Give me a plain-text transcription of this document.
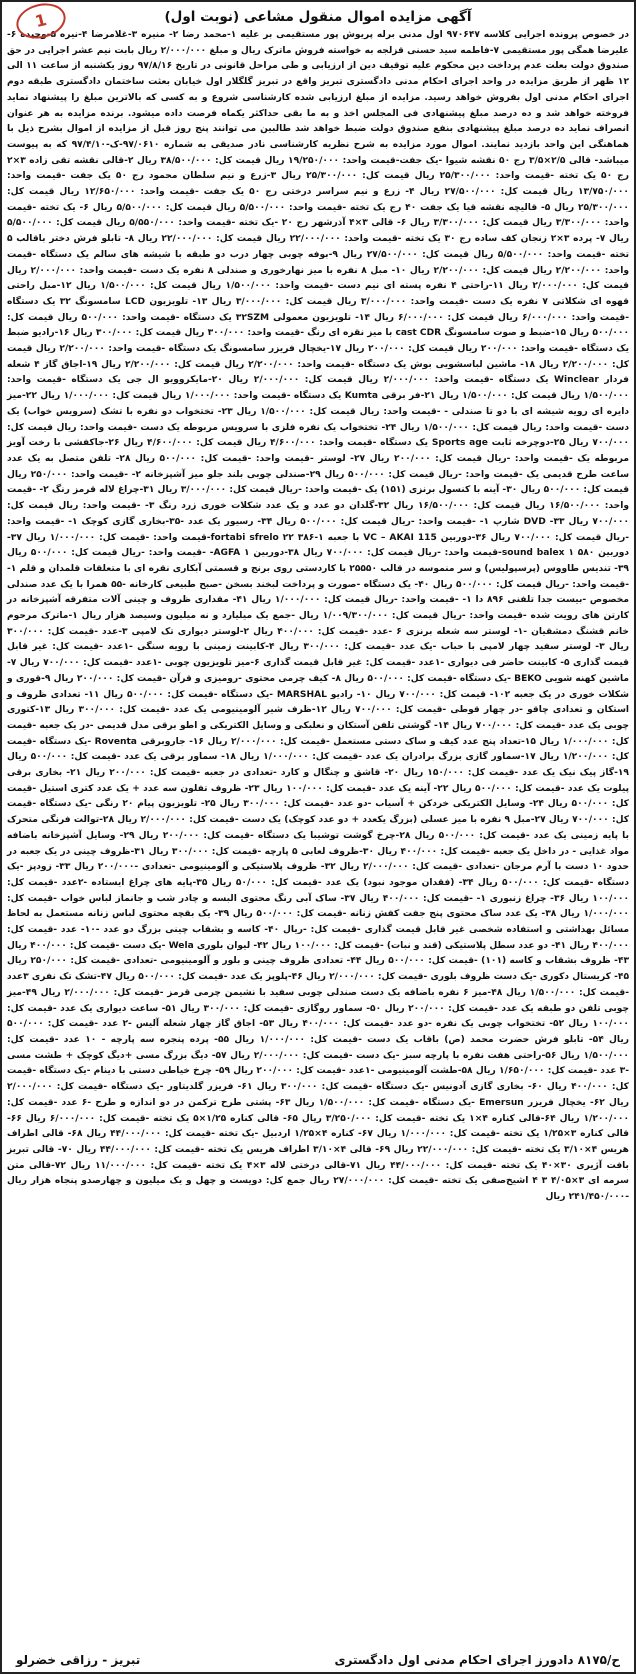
1	آگهی مزایده اموال منقول مشاعی (نوبت اول)

در خصوص پرونده اجرایی کلاسه ۹۷۰۶۴۷ اول مدنی برله پریوش پور مستقیمی بر علیه ۱-محمد رضا ۲- منیره ۳-غلامرضا ۴-نیره ۵-وحیده ۶-علیرضا همگی پور مستقیمی ۷-فاطمه سید حسنی قزلجه به خواسته فروش ماترک ریال و مبلغ ۲/۰۰۰/۰۰۰ ریال بابت نیم عشر اجرایی در حق صندوق دولت بعلت عدم پرداخت دین محکوم علیه توقیف دین از ارزیابی و طی مراحل قانونی در تاریخ ۹۷/۸/۱۶ روز یکشنبه از ساعت ۱۱ الی ۱۲ ظهر از طریق مزایده در واحد اجرای احکام مدنی دادگستری تبریز واقع در تبریز گلگلار اول خیابان بعثت ساختمان دادگستری طبقه دوم اجرای احکام مدنی اول بفروش خواهد رسید. مزایده از مبلغ ارزیابی شده کارشناسی شروع و به کسی که بالاترین مبلغ را پیشنهاد نماید فروخته خواهد شد و ده درصد مبلغ پیشنهادی فی المجلس اخذ و به ما بقی حداکثر یکماه فرصت داده میشود. برنده مزایده به هر عنوان انصراف نماید ده درصد مبلغ پیشنهادی بنفع صندوق دولت ضبط خواهد شد طالبین می توانند پنج روز قبل از مزایده از اموال بشرح ذیل با هماهنگی این واحد بازدید نمایند. اموال مورد مزایده به شرح نظریه کارشناسی نادر صدیقی به شماره ۹۷/۰۶۱۰-ک-۹۷/۴/۱۰ که به پیوست میباشد- قالی ۲/۵×۳/۵ رج ۵۰ نقشه شیوا -یک جفت-قیمت واحد: ۱۹/۲۵۰/۰۰۰ ریال قیمت کل: ۳۸/۵۰۰/۰۰۰ ریال ۲-قالی نقشه تقی زاده ۳×۲ رج ۵۰ یک تخته -قیمت واحد: ۲۵/۳۰۰/۰۰۰ ریال قیمت کل: ۲۵/۳۰۰/۰۰۰ ریال ۳-زرع و نیم سلطان محمود رج ۵۰ یک جفت -قیمت واحد: ۱۳/۷۵۰/۰۰۰ ریال قیمت کل: ۲۷/۵۰۰/۰۰۰ ریال ۴- زرع و نیم سراسر درختی رج ۵۰ یک جفت -قیمت واحد: ۱۲/۶۵۰/۰۰۰ ریال قیمت کل: ۲۵/۳۰۰/۰۰۰ ریال ۵- قالیچه نقشه قیا یک جفت ۴۰ رج یک تخته -قیمت واحد: ۵/۵۰۰/۰۰۰ ریال قیمت کل: ۵/۵۰۰/۰۰۰ ریال ۶- یک تخته -قیمت واحد: ۳/۳۰۰/۰۰۰ ریال قیمت کل: ۳/۳۰۰/۰۰۰ ریال ۶- قالی ۳×۴ آذرشهر رج ۲۰ -یک تخته -قیمت واحد: ۵/۵۵۰/۰۰۰ ریال قیمت کل: ۵/۵۰۰/۰۰۰ ریال ۷- پرده ۳×۲ زنجان کف ساده رج ۳۰ یک تخته -قیمت واحد: ۲۲/۰۰۰/۰۰۰ ریال قیمت کل: ۲۲/۰۰۰/۰۰۰ ریال ۸- تابلو فرش دختر باقالب ۵ تخته -قیمت واحد: ۵/۵۰۰/۰۰۰ ریال قیمت کل: ۲۷/۵۰۰/۰۰۰ ریال ۹-بوفه چوبی چهار درب دو طبقه با شیشه های سالم یک دستگاه -قیمت واحد: ۲/۲۰۰/۰۰۰ ریال قیمت کل: ۲/۲۰۰/۰۰۰ ریال ۱۰- مبل ۸ نفره با میز نهارخوری و صندلی ۸ نفره یک دست -قیمت واحد: ۲/۰۰۰/۰۰۰ ریال قیمت کل: ۲/۰۰۰/۰۰۰ ریال ۱۱-راحتی ۴ نفره پسته ای نیم دست -قیمت واحد: ۱/۵۰۰/۰۰۰ ریال قیمت کل: ۱/۵۰۰/۰۰۰ ریال ۱۲-مبل راحتی قهوه ای شکلاتی ۷ نفره یک دست -قیمت واحد: ۳/۰۰۰/۰۰۰ ریال قیمت کل: ۳/۰۰۰/۰۰۰ ریال ۱۳- تلویزیون LCD سامسونگ ۳۲ یک دستگاه -قیمت واحد: ۶/۰۰۰/۰۰۰ ریال قیمت کل: ۶/۰۰۰/۰۰۰ ریال ۱۴- تلویزیون معمولی ۳۲SZM یک دستگاه -قیمت واحد: ۵۰۰/۰۰۰ ریال قیمت کل: ۵۰۰/۰۰۰ ریال ۱۵-ضبط و صوت سامسونگ cast CDR با میز نقره ای رنگ -قیمت واحد: ۳۰۰/۰۰۰ ریال قیمت کل: ۳۰۰/۰۰۰ ریال ۱۶-رادیو ضبط یک دستگاه -قیمت واحد: ۲۰۰/۰۰۰ ریال قیمت کل: ۲۰۰/۰۰۰ ریال ۱۷-یخچال فریزر سامسونگ یک دستگاه -قیمت واحد: ۲/۲۰۰/۰۰۰ ریال قیمت کل: ۲/۲۰۰/۰۰۰ ریال ۱۸- ماشین لباسشویی بوش یک دستگاه -قیمت واحد: ۲/۲۰۰/۰۰۰ ریال قیمت کل: ۲/۲۰۰/۰۰۰ ریال ۱۹-اجاق گاز ۴ شعله فردار Winclear یک دستگاه -قیمت واحد: ۲/۰۰۰/۰۰۰ ریال قیمت کل: ۲/۰۰۰/۰۰۰ ریال ۲۰-مایکروویو ال جی یک دستگاه -قیمت واحد: ۱/۵۰۰/۰۰۰ ریال قیمت کل: ۱/۵۰۰/۰۰۰ ریال ۲۱-فر برقی Kumta یک دستگاه -قیمت واحد: ۱/۰۰۰/۰۰۰ ریال قیمت کل: ۱/۰۰۰/۰۰۰ ریال ۲۲-میز دایره ای رویه شیشه ای با دو تا صندلی - -قیمت واحد: ریال قیمت کل: ۱/۵۰۰/۰۰۰ ریال ۲۳- تختخواب دو نفره با تشک (سرویس خواب) یک دست -قیمت واحد: ریال قیمت کل: ۱/۵۰۰/۰۰۰ ریال ۲۴- تختخواب یک نفره فلزی با سرویس مربوطه یک دست -قیمت واحد: ریال قیمت کل: ۷۰۰/۰۰۰ ریال ۲۵-دوچرخه ثابت Sports age یک دستگاه -قیمت واحد: ۴/۶۰۰/۰۰۰ ریال قیمت کل: ۴/۶۰۰/۰۰۰ ریال ۲۶-جاکفشی با رخت آویز مربوطه یک -قیمت واحد: -ریال قیمت کل: ۲۰۰/۰۰۰ ریال ۲۷- لوستر -قیمت واحد: -قیمت کل: ۵۰۰/۰۰۰ ریال ۲۸- تلفن متصل به یک عدد ساعت طرح قدیمی یک -قیمت واحد: -ریال قیمت کل: ۵۰۰/۰۰۰ ریال ۲۹-صندلی چوبی بلند جلو میز آشپزخانه ۲- -قیمت واحد: ۲۵۰/۰۰۰ ریال قیمت کل: ۵۰۰/۰۰۰ ریال ۳۰- آینه با کنسول برنزی (۱۵۱) یک -قیمت واحد: -ریال قیمت کل: ۳/۰۰۰/۰۰۰ ریال ۳۱-چراغ لاله قرمز رنگ ۲- -قیمت واحد: ۱۶/۵۰۰/۰۰۰ ریال قیمت کل: ۱۶/۵۰۰/۰۰۰ ریال ۳۲-گلدان دو عدد و یک عدد شکلات خوری زرد رنگ ۳- -قیمت واحد: ریال قیمت کل: ۷۰۰/۰۰۰ ریال ۳۳- DVD شارپ ۱- -قیمت واحد: -ریال قیمت کل: ۵۰۰/۰۰۰ ریال ۳۴- رسیور یک عدد -۳۵-بخاری گازی کوچک ۱- -قیمت واحد: -ریال قیمت کل: ۷۰۰/۰۰۰ ریال ۳۶-دوربین VC – AKAI 115 با جعبه fortabi sfrelo ۲۲ ۳۸۶-۱-قیمت واحد: -قیمت کل: ۱/۰۰۰/۰۰۰ ریال ۳۷- دوربین ۵۸۰ sound balex ۱-قیمت واحد: -ریال قیمت کل: ۷۰۰/۰۰۰ ریال ۳۸-دوربین AGFA ۱- -قیمت واحد: -ریال قیمت کل: ۵۰۰/۰۰۰ ریال ۳۹- تندیس طاووس (پرسپولیس) و سر منموسه در قالب ۲۵۵۵۰ با کاردستی روی برنج و قسمتی آبکاری نقره ای با متعلقات قلمدان و قلم ۱- -قیمت واحد: -ریال قیمت کل: ۵۰۰/۰۰۰ ریال ۴۰- یک دستگاه -صورت و پرداخت لبخند بسخن -صبح طبیعی کارخانه -۵۵ همرا با یک عدد صندلی مخصوص -بیست جدا تلفنی ۸۹۶ دا ۱- -قیمت واحد: -ریال قیمت کل: ۱/۰۰۰/۰۰۰ ریال ۴۱- مقداری ظروف و چینی آلات متفرقه آشپزخانه در کارتن های رویت شده -قیمت واحد: -ریال قیمت کل: ۱/۰۰۹/۳۰۰/۰۰۰ ریال -جمع یک میلیارد و نه میلیون وسیصد هزار ریال ۱-ماترک مرحوم خانم قشنگ دمشقیان -۱- لوستر سه شعله برنزی ۶ -عدد -قیمت کل: ۴۰۰/۰۰۰ ریال ۲-لوستر دیواری تک لامپی ۳-عدد -قیمت کل: ۳۰۰/۰۰۰ ریال ۳- لوستر سفید چهار لامپی با حباب -یک عدد -قیمت کل: ۳۰۰/۰۰۰ ریال ۴-کابینت زمینی با رویه سنگی -۱عدد -قیمت کل: غیر قابل قیمت گذاری ۵- کابینت حاضر فی دیواری -۱عدد -قیمت کل: غیر قابل قیمت گذاری ۶-میز تلویزیون چوبی -۱عدد -قیمت کل: ۷۰۰/۰۰۰ ریال ۷- ماشین کهنه شویی BEKO -یک دستگاه -قیمت کل: ۵۰۰/۰۰۰ ریال ۸- کیف چرمی محتوی -رومیزی و قرآن -قیمت کل: ۲۰۰/۰۰۰ ریال ۹-قوری و شکلات خوری در یک جعبه ۱۰۲- قیمت کل: ۷۰۰/۰۰۰ ریال ۱۰- رادیو MARSHAL -یک دستگاه -قیمت کل: ۵۰۰/۰۰۰ ریال ۱۱- تعدادی ظروف و استکان و تعدادی چاقو -در چهار قوطی -قیمت کل: ۷۰۰/۰۰۰ ریال ۱۲-ظرف شیر آلومینیومی یک عدد -قیمت کل: ۳۰۰/۰۰۰ ریال ۱۳-کتوری چوبی یک عدد -قیمت کل: ۷۰۰/۰۰۰ ریال ۱۴- گوشتی تلفن آستکان و نعلبکی و وسایل الکتریکی و اطو برقی مدل قدیمی -در یک جعبه -قیمت کل: ۱/۰۰۰/۰۰۰ ریال ۱۵-تعداد پنج عدد کیف و ساک دستی مستعمل -قیمت کل: ۲/۰۰۰/۰۰۰ ریال ۱۶- جاروبرقی Roventa -یک دستگاه -قیمت کل: ۱/۲۰۰/۰۰۰ ریال ۱۷-سماور گازی بزرگ برادران یک عدد -قیمت کل: ۱/۰۰۰/۰۰۰ ریال ۱۸- سماور برقی یک عدد -قیمت کل: ۵۰۰/۰۰۰ ریال ۱۹-گاز پیک نیک یک عدد -قیمت کل: ۱۵۰/۰۰۰ ریال ۲۰- قاشق و چنگال و کارد -تعدادی در جعبه -قیمت کل: ۲۰۰/۰۰۰ ریال ۲۱- بخاری برقی پیلوت یک عدد -قیمت کل: ۵۰۰/۰۰۰ ریال ۲۲- آینه یک عدد -قیمت کل: ۱۰۰/۰۰۰ ریال ۲۳- ظروف تفلون سه عدد + یک عدد کتری استیل -قیمت کل: ۵۰۰/۰۰۰ ریال ۲۴- وسایل الکتریکی خردکن + آسیاب -دو عدد -قیمت کل: ۳۰۰/۰۰۰ ریال ۲۵- تلویزیون پیام ۲۰ رنگی -یک دستگاه -قیمت کل: ۷۰۰/۰۰۰ ریال ۲۷-مبل ۹ نفره با میز عسلی (بزرگ یکعدد + دو عدد کوچک) یک دست -قیمت کل: ۲/۰۰۰/۰۰۰ ریال ۲۸-توالت فرنگی متحرک با پایه زمینی یک عدد -قیمت کل: ۵۰۰/۰۰۰ ریال ۲۸-چرخ گوشت توشیبا یک دستگاه -قیمت کل: ۲۰۰/۰۰۰ ریال ۲۹- وسایل آشپزخانه باضافه مواد غذایی - در داخل یک جعبه -قیمت کل: ۴۰۰/۰۰۰ ریال ۳۰-ظروف لعابی ۵ پارچه -قیمت کل: ۳۰۰/۰۰۰ ریال ۳۱-ظروف چینی در یک جعبه در حدود ۱۰ دست با آرم مرجان -تعدادی -قیمت کل: ۲/۰۰۰/۰۰۰ ریال ۳۲- ظروف پلاستیکی و آلومینیومی -تعدادی -۲۰۰/۰۰۰ ریال ۳۳- زودپز -یک دستگاه -قیمت کل: ۵۰۰/۰۰۰ ریال ۳۴- (فقدان موجود نبود) یک عدد -قیمت کل: ۵۰/۰۰۰ ریال ۳۵-پایه های چراغ ایستاده -۲عدد -قیمت کل: ۱۰۰/۰۰۰ ریال ۳۶- چراغ زنبوری ۱- -قیمت کل: ۴۰۰/۰۰۰ ریال ۳۷- ساک آبی رنگ محتوی البسه و چادر شب و جانماز لباس خواب -قیمت کل: ۱/۰۰۰/۰۰۰ ریال ۳۸- یک عدد ساک محتوی پنج جفت کفش زنانه -قیمت کل: ۵۰۰/۰۰۰ ریال ۳۹- یک بقچه محتوی لباس زنانه مستعمل به لحاظ مسائل بهداشتی و استفاده شخصی غیر قابل قیمت گذاری -قیمت کل: -ریال ۴۰- کاسه و بشقاب چینی بزرگ دو عدد -۱۰- عدد -قیمت کل: ۴۰۰/۰۰۰ ریال ۴۱- دو عدد سطل پلاستیکی (قند و نبات) -قیمت کل: ۱۰۰/۰۰۰ ریال ۴۲- لیوان بلوری Wela -یک دست -قیمت کل: ۴۰۰/۰۰۰ ریال ۴۳- ظروف بشقاب و کاسه (۱۰۱) -قیمت کل: ۵۰۰/۰۰۰ ریال ۴۴- تعدادی ظروف چینی و بلور و آلومینیومی -تعدادی -قیمت کل: ۲۵۰/۰۰۰ ریال ۴۵- کریستال دکوری -یک دست ظروف بلوری -قیمت کل: ۲/۰۰۰/۰۰۰ ریال ۴۶-پلوپز یک عدد -قیمت کل: ۵۰۰/۰۰۰ ریال ۴۷-تشک تک نفری ۳عدد -قیمت کل: ۱/۵۰۰/۰۰۰ ریال ۴۸-میز ۶ نفره باضافه یک دست صندلی چوبی سفید با نشیمن چرمی قرمز -قیمت کل: ۲/۰۰۰/۰۰۰ ریال ۴۹-میز چوبی تلفن دو طبقه یک عدد -قیمت کل: ۲۰۰/۰۰۰ ریال ۵۰- سماور روگازی -قیمت کل: ۳۰۰/۰۰۰ ریال ۵۱- ساعت دیواری یک عدد -قیمت کل: ۱۰۰/۰۰۰ ریال ۵۲- تختخواب چوبی یک نفره -دو عدد -قیمت کل: ۴۰۰/۰۰۰ ریال ۵۳- اجاق گاز چهار شعله آلیس -۲ عدد -قیمت کل: ۵۰۰/۰۰۰ ریال ۵۴- تابلو فرش حضرت محمد (ص) باقاب یک دست -قیمت کل: ۱/۰۰۰/۰۰۰ ریال ۵۵- پرده پنجره سه پارچه - ۱۰ عدد -قیمت کل: ۱/۵۰۰/۰۰۰ ریال ۵۶-راحتی هفت نفره با پارچه سبز -یک دست -قیمت کل: ۲/۰۰۰/۰۰۰ ریال ۵۷- دیگ بزرگ مسی +دیگ کوچک + طشت مسی -۳ عدد -قیمت کل: ۱/۶۵۰/۰۰۰ ریال ۵۸-طشت آلومینیومی -۱عدد -قیمت کل: ۲۰۰/۰۰۰ ریال ۵۹- چرخ خیاطی دستی با دینام -یک دستگاه -قیمت کل: ۴۰۰/۰۰۰ ریال ۶۰- بخاری گازی آدونیس -یک دستگاه -قیمت کل: ۳۰۰/۰۰۰ ریال ۶۱- فریزر گلدیتاور -یک دستگاه -قیمت کل: ۲/۰۰۰/۰۰۰ ریال ۶۲- یخچال فریزر Emersun -یک دستگاه -قیمت کل: ۱/۵۰۰/۰۰۰ ریال ۶۳- پشتی طرح ترکمن در دو اندازه و طرح -۶ عدد -قیمت کل: ۱/۲۰۰/۰۰۰ ریال ۶۴-قالی کناره ۴×۱ یک تخته -قیمت کل: ۳/۲۵۰/۰۰۰ ریال ۶۵- قالی کناره ۱/۲۵×۵ یک تخته -قیمت کل: ۶/۰۰۰/۰۰۰ ریال ۶۶- قالی کناره ۳×۱/۲۵ یک تخته -قیمت کل: ۱/۰۰۰/۰۰۰ ریال ۶۷- کناره ۴×۱/۲۵ اردبیل -یک تخته -قیمت کل: ۴۴/۰۰۰/۰۰۰ ریال ۶۸- قالی اطراف هریس ۴×۳/۱۰ یک تخته -قیمت کل: ۲۲/۰۰۰/۰۰۰ ریال ۶۹- قالی ۴×۳/۱۰ اطراف هریس یک تخته -قیمت کل: ۴۴/۰۰۰/۰۰۰ ریال ۷۰- قالی تبریز بافت آژیری ۳۰×۴۰ یک تخته -قیمت کل: ۴۴/۰۰۰/۰۰۰ ریال ۷۱-قالی درختی لاله ۳×۴ یک تخته -قیمت کل: ۱۱/۰۰۰/۰۰۰ ریال ۷۲-قالی متن سرمه ای ۳×۴/۰۵ ۳ ۴ اشیخ‌صفی یک تخته -قیمت کل: ۲۷/۰۰۰/۰۰۰ ریال جمع کل: دویست و چهل و یک میلیون و چهارصدو پنجاه هزار ریال -۲۴۱/۴۵۰/۰۰۰ ریال

ح/۸۱۷۵ دادورز اجرای احکام مدنی اول دادگستری
تبریز - رزاقی خضرلو
